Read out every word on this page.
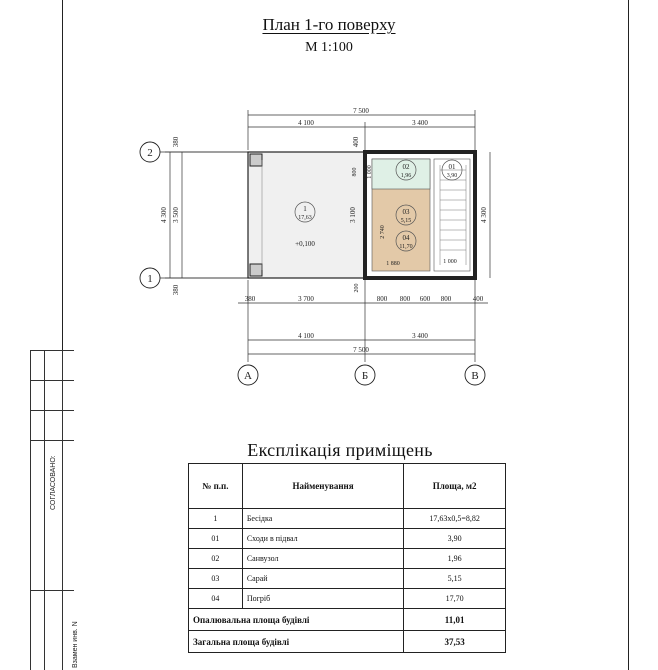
СОГЛАСОВАНО:
Взамен инв. N
План 1-го поверху
М 1:100
1
17,63
+0,100
02
1,96
01
3,90
03
5,15
04
11,70
7 500
4 100	3 400
380	3 700	800 800 600 800	400
4 100	3 400
7 500
1 880	1 000
4 300 3 500	4 300
380
380
3 100
400
800 1 000
2 740
200
2
1
А	Б	В
Експлікація приміщень
№ п.п.	Найменування	Площа, м2
1	Бесідка	17,63х0,5=8,82
01	Сходи в підвал	3,90
02	Санвузол	1,96
03	Сарай	5,15
04	Погріб	17,70
Опалювальна площа будівлі		11,01
Загальна площа будівлі		37,53
